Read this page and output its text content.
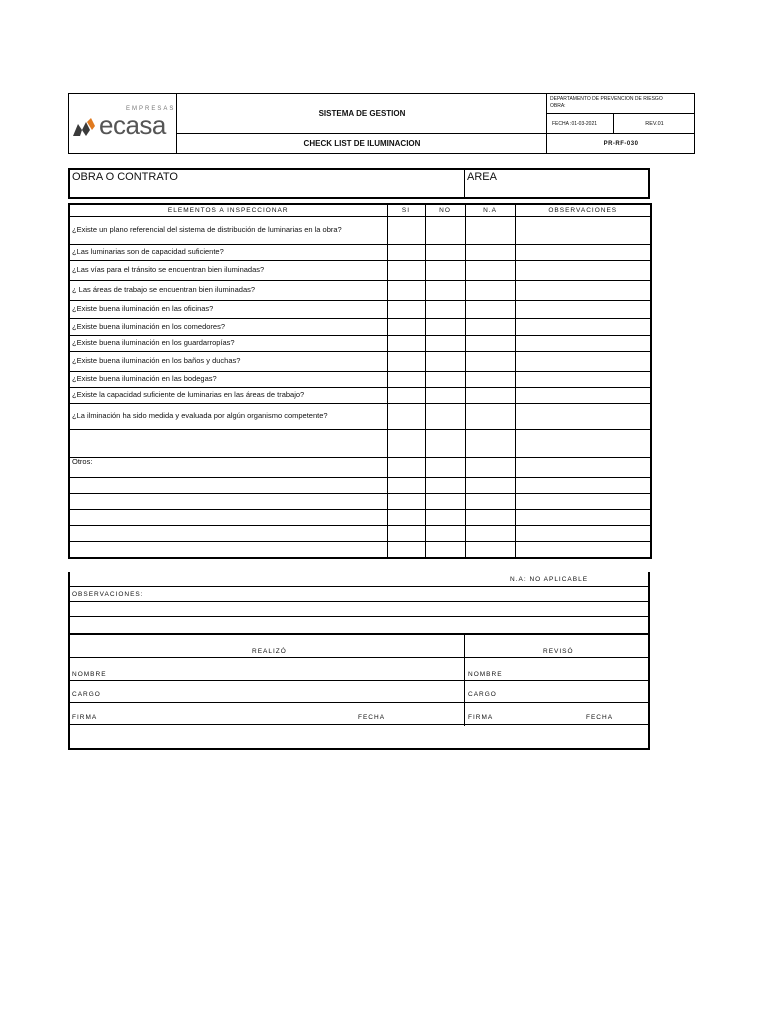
EMPRESAS
ecasa	SISTEMA DE GESTION
CHECK LIST DE ILUMINACION
DEPARTAMENTO DE PREVENCION DE RIESGO
OBRA:
FECHA :01-03-2021	REV.01
PR-RF-030
OBRA O CONTRATO	AREA
ELEMENTOS A INSPECCIONAR	SI	NO	N.A	OBSERVACIONES
¿Existe un plano referencial del sistema de distribución de luminarias en la obra?				
¿Las luminarias son de capacidad suficiente?				
¿Las vías para el tránsito se encuentran bien iluminadas?				
¿ Las áreas de trabajo se encuentran bien iluminadas?				
¿Existe buena iluminación en las oficinas?				
¿Existe buena iluminación en los comedores?				
¿Existe buena iluminación en los guardarropías?				
¿Existe buena iluminación en los baños y duchas?				
¿Existe buena iluminación en las bodegas?				
¿Existe la capacidad suficiente de luminarias en las áreas de trabajo?				
¿La ilminación ha sido medida y evaluada por algún organismo competente?				

Otros:				

N.A: NO APLICABLE
OBSERVACIONES:
REALIZÓ	REVISÓ
NOMBRE	NOMBRE
CARGO	CARGO
FIRMA	FECHA	FIRMA	FECHA
